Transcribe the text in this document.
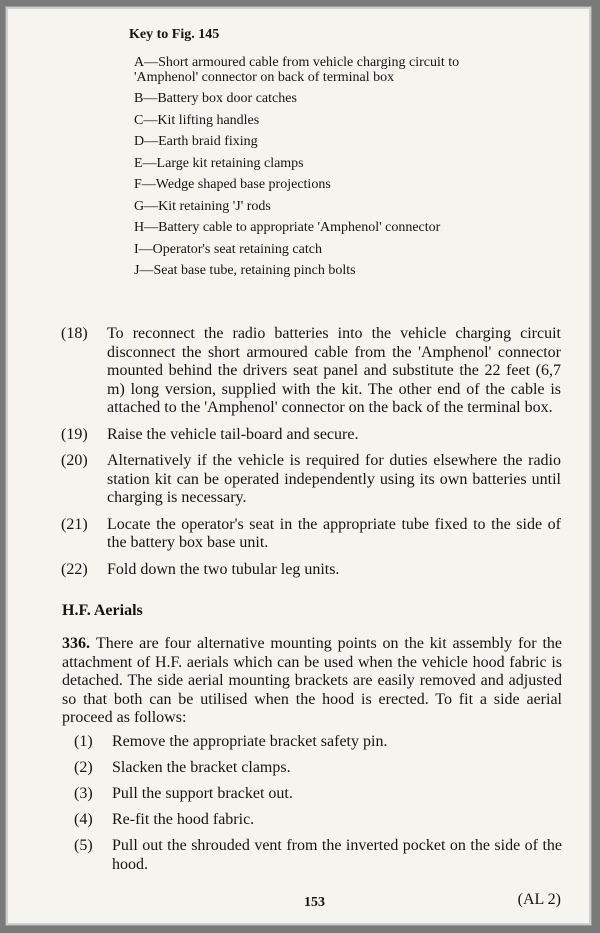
Key to Fig. 145
A—Short armoured cable from vehicle charging circuit to 'Amphenol' connector on back of terminal box
B—Battery box door catches
C—Kit lifting handles
D—Earth braid fixing
E—Large kit retaining clamps
F—Wedge shaped base projections
G—Kit retaining 'J' rods
H—Battery cable to appropriate 'Amphenol' connector
I—Operator's seat retaining catch
J—Seat base tube, retaining pinch bolts
(18)	To reconnect the radio batteries into the vehicle charging circuit disconnect the short armoured cable from the 'Amphenol' connector mounted behind the drivers seat panel and substitute the 22 feet (6,7 m) long version, supplied with the kit. The other end of the cable is attached to the 'Amphenol' connector on the back of the terminal box.
(19)	Raise the vehicle tail-board and secure.
(20)	Alternatively if the vehicle is required for duties elsewhere the radio station kit can be operated independently using its own batteries until charging is necessary.
(21)	Locate the operator's seat in the appropriate tube fixed to the side of the battery box base unit.
(22)	Fold down the two tubular leg units.
H.F. Aerials

336. There are four alternative mounting points on the kit assembly for the attachment of H.F. aerials which can be used when the vehicle hood fabric is detached. The side aerial mounting brackets are easily removed and adjusted so that both can be utilised when the hood is erected. To fit a side aerial proceed as follows:

(1)	Remove the appropriate bracket safety pin.
(2)	Slacken the bracket clamps.
(3)	Pull the support bracket out.
(4)	Re-fit the hood fabric.
(5)	Pull out the shrouded vent from the inverted pocket on the side of the hood.
153	(AL 2)
